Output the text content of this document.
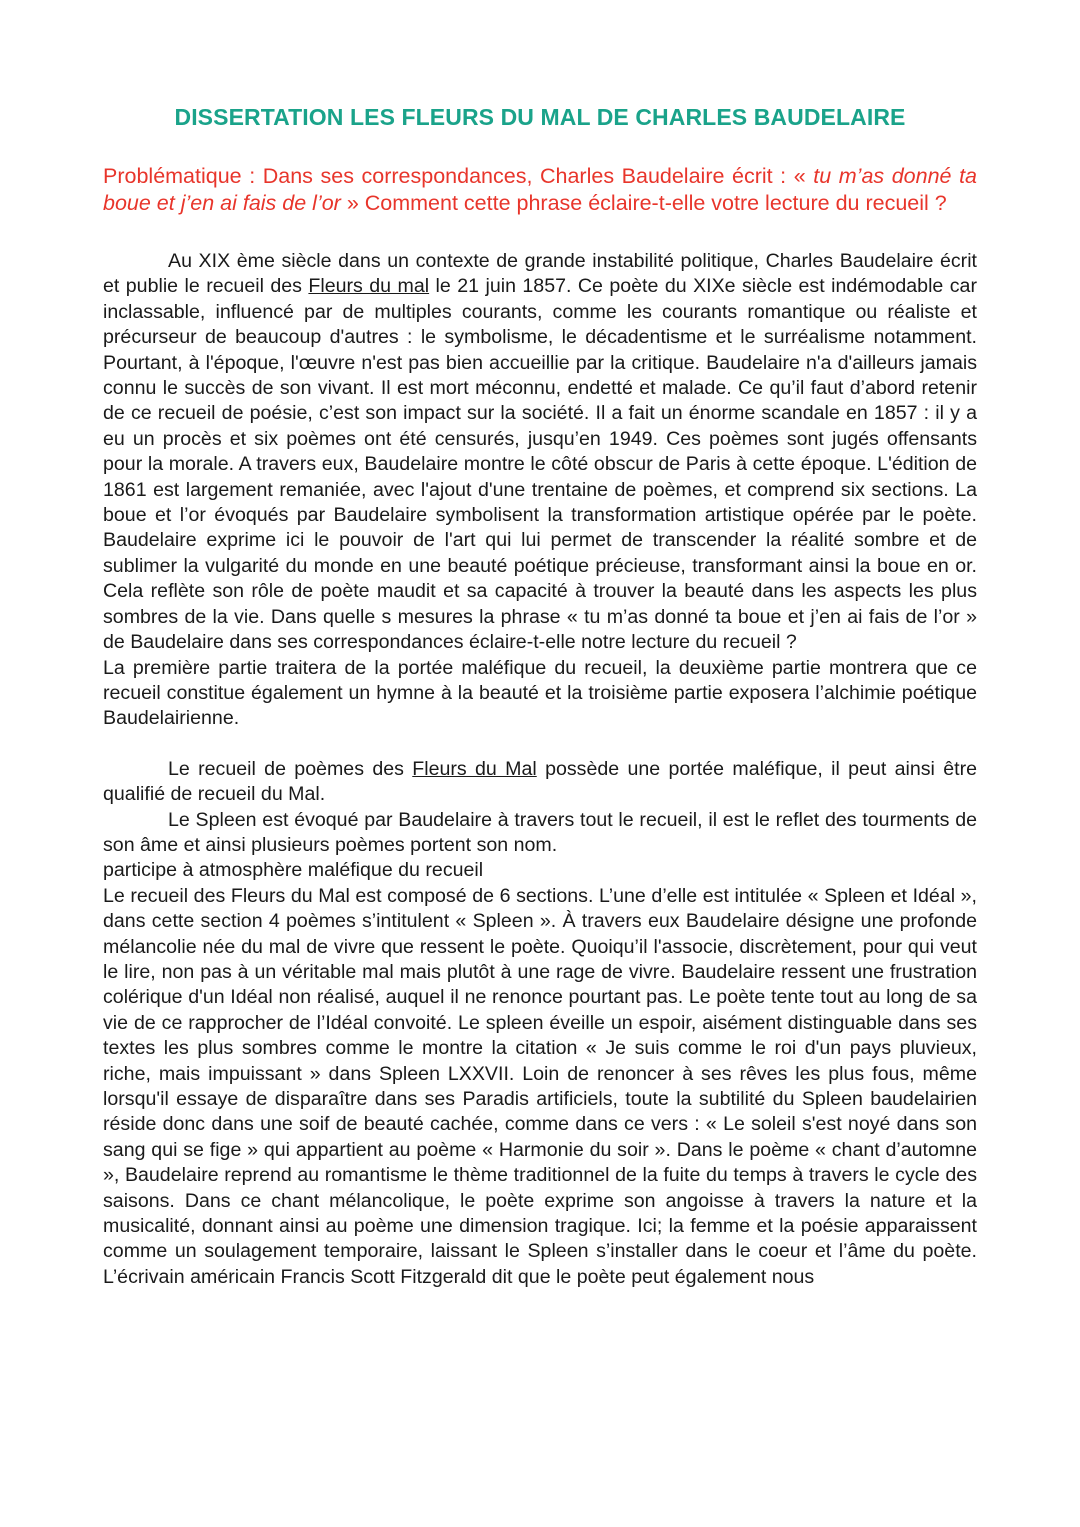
DISSERTATION LES FLEURS DU MAL DE CHARLES BAUDELAIRE
Problématique : Dans ses correspondances, Charles Baudelaire écrit : « tu m’as donné ta boue et j’en ai fais de l’or » Comment cette phrase éclaire-t-elle votre lecture du recueil ?

Au XIX ème siècle dans un contexte de grande instabilité politique, Charles Baudelaire écrit et publie le recueil des Fleurs du mal le 21 juin 1857. Ce poète du XIXe siècle est indémodable car inclassable, influencé par de multiples courants, comme les courants romantique ou réaliste et précurseur de beaucoup d'autres : le symbolisme, le décadentisme et le surréalisme notamment. Pourtant, à l'époque, l'œuvre n'est pas bien accueillie par la critique. Baudelaire n'a d'ailleurs jamais connu le succès de son vivant. Il est mort méconnu, endetté et malade. Ce qu’il faut d’abord retenir de ce recueil de poésie, c’est son impact sur la société. Il a fait un énorme scandale en 1857 : il y a eu un procès et six poèmes ont été censurés, jusqu’en 1949. Ces poèmes sont jugés offensants pour la morale. A travers eux, Baudelaire montre le côté obscur de Paris à cette époque. L'édition de 1861 est largement remaniée, avec l'ajout d'une trentaine de poèmes, et comprend six sections. La boue et l’or évoqués par Baudelaire symbolisent la transformation artistique opérée par le poète. Baudelaire exprime ici le pouvoir de l'art qui lui permet de transcender la réalité sombre et de sublimer la vulgarité du monde en une beauté poétique précieuse, transformant ainsi la boue en or. Cela reflète son rôle de poète maudit et sa capacité à trouver la beauté dans les aspects les plus sombres de la vie. Dans quelle s mesures la phrase « tu m’as donné ta boue et j’en ai fais de l’or » de Baudelaire dans ses correspondances éclaire-t-elle notre lecture du recueil ?

La première partie traitera de la portée maléfique du recueil, la deuxième partie montrera que ce recueil constitue également un hymne à la beauté et la troisième partie exposera l’alchimie poétique Baudelairienne.

Le recueil de poèmes des Fleurs du Mal possède une portée maléfique, il peut ainsi être qualifié de recueil du Mal.

Le Spleen est évoqué par Baudelaire à travers tout le recueil, il est le reflet des tourments de son âme et ainsi plusieurs poèmes portent son nom.

participe à atmosphère maléfique du recueil

Le recueil des Fleurs du Mal est composé de 6 sections. L’une d’elle est intitulée « Spleen et Idéal », dans cette section 4 poèmes s’intitulent « Spleen ». À travers eux Baudelaire désigne une profonde mélancolie née du mal de vivre que ressent le poète. Quoiqu’il l'associe, discrètement, pour qui veut le lire, non pas à un véritable mal mais plutôt à une rage de vivre. Baudelaire ressent une frustration colérique d'un Idéal non réalisé, auquel il ne renonce pourtant pas. Le poète tente tout au long de sa vie de ce rapprocher de l’Idéal convoité. Le spleen éveille un espoir, aisément distinguable dans ses textes les plus sombres comme le montre la citation « Je suis comme le roi d'un pays pluvieux, riche, mais impuissant » dans Spleen LXXVII. Loin de renoncer à ses rêves les plus fous, même lorsqu'il essaye de disparaître dans ses Paradis artificiels, toute la subtilité du Spleen baudelairien réside donc dans une soif de beauté cachée, comme dans ce vers : « Le soleil s'est noyé dans son sang qui se fige » qui appartient au poème « Harmonie du soir ». Dans le poème « chant d’automne », Baudelaire reprend au romantisme le thème traditionnel de la fuite du temps à travers le cycle des saisons. Dans ce chant mélancolique, le poète exprime son angoisse à travers la nature et la musicalité, donnant ainsi au poème une dimension tragique. Ici; la femme et la poésie apparaissent comme un soulagement temporaire, laissant le Spleen s’installer dans le coeur et l’âme du poète. L’écrivain américain Francis Scott Fitzgerald dit que le poète peut également nous
